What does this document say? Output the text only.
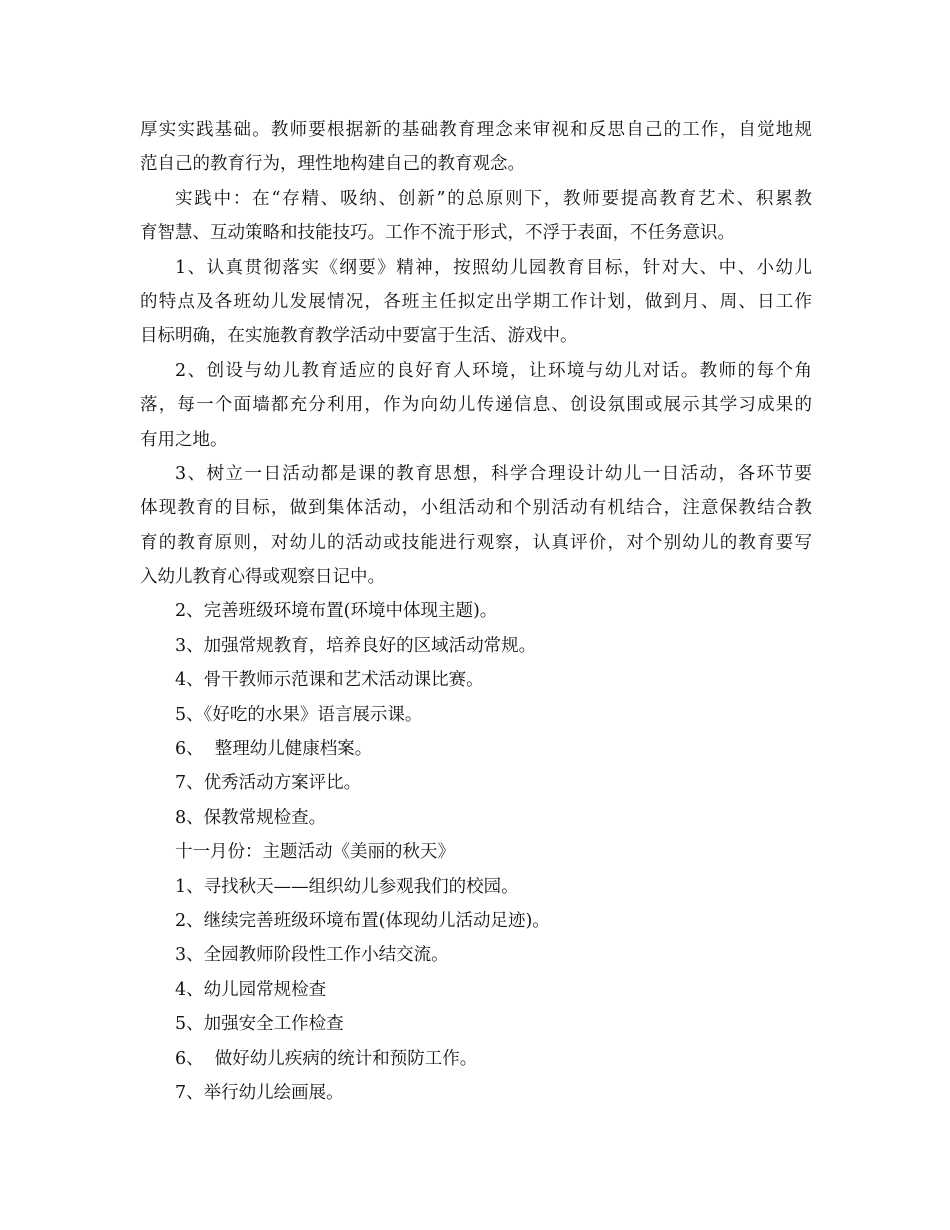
厚实实践基础。教师要根据新的基础教育理念来审视和反思自己的工作，自觉地规
范自己的教育行为，理性地构建自己的教育观念。
实践中：在“存精、吸纳、创新”的总原则下，教师要提高教育艺术、积累教
育智慧、互动策略和技能技巧。工作不流于形式，不浮于表面，不任务意识。
1、认真贯彻落实《纲要》精神，按照幼儿园教育目标，针对大、中、小幼儿
的特点及各班幼儿发展情况，各班主任拟定出学期工作计划，做到月、周、日工作
目标明确，在实施教育教学活动中要富于生活、游戏中。
2、创设与幼儿教育适应的良好育人环境，让环境与幼儿对话。教师的每个角
落，每一个面墙都充分利用，作为向幼儿传递信息、创设氛围或展示其学习成果的
有用之地。
3、树立一日活动都是课的教育思想，科学合理设计幼儿一日活动，各环节要
体现教育的目标，做到集体活动，小组活动和个别活动有机结合，注意保教结合教
育的教育原则，对幼儿的活动或技能进行观察，认真评价，对个别幼儿的教育要写
入幼儿教育心得或观察日记中。
2、完善班级环境布置(环境中体现主题)。
3、加强常规教育，培养良好的区域活动常规。
4、骨干教师示范课和艺术活动课比赛。
5、《好吃的水果》语言展示课。
6、  整理幼儿健康档案。
7、优秀活动方案评比。
8、保教常规检查。
十一月份：主题活动《美丽的秋天》
1、寻找秋天——组织幼儿参观我们的校园。
2、继续完善班级环境布置(体现幼儿活动足迹)。
3、全园教师阶段性工作小结交流。
4、幼儿园常规检查
5、加强安全工作检查
6、  做好幼儿疾病的统计和预防工作。
7、举行幼儿绘画展。
